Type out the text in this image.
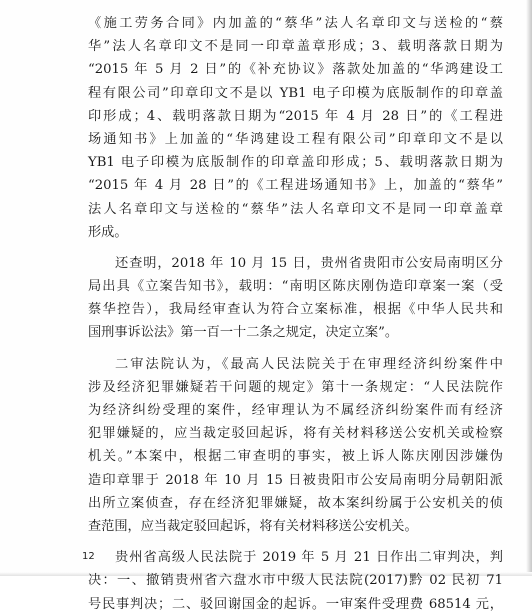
《施工劳务合同》内加盖的“蔡华”法人名章印文与送检的“蔡
华”法人名章印文不是同一印章盖章形成；3、载明落款日期为
“2015 年 5 月 2 日”的《补充协议》落款处加盖的“华鸿建设工
程有限公司”印章印文不是以 YB1 电子印模为底版制作的印章盖
印形成；4、载明落款日期为“2015 年 4 月 28 日”的《工程进
场通知书》上加盖的“华鸿建设工程有限公司”印章印文不是以
YB1 电子印模为底版制作的印章盖印形成；5、载明落款日期为
“2015 年 4 月 28 日”的《工程进场通知书》上，加盖的“蔡华”
法人名章印文与送检的“蔡华”法人名章印文不是同一印章盖章
形成。
还查明，2018 年 10 月 15 日，贵州省贵阳市公安局南明区分
局出具《立案告知书》，载明：“南明区陈庆刚伪造印章案一案（受
蔡华控告），我局经审查认为符合立案标准，根据《中华人民共和
国刑事诉讼法》第一百一十二条之规定，决定立案”。
二审法院认为，《最高人民法院关于在审理经济纠纷案件中
涉及经济犯罪嫌疑若干问题的规定》第十一条规定：“人民法院作
为经济纠纷受理的案件，经审理认为不属经济纠纷案件而有经济
犯罪嫌疑的，应当裁定驳回起诉，将有关材料移送公安机关或检察
机关。”本案中，根据二审查明的事实，被上诉人陈庆刚因涉嫌伪
造印章罪于 2018 年 10 月 15 日被贵阳市公安局南明分局朝阳派
出所立案侦查，存在经济犯罪嫌疑，故本案纠纷属于公安机关的侦
查范围，应当裁定驳回起诉，将有关材料移送公安机关。
贵州省高级人民法院于 2019 年 5 月 21 日作出二审判决，判
决：一、撤销贵州省六盘水市中级人民法院(2017)黔 02 民初 71
号民事判决；二、驳回谢国金的起诉。一审案件受理费 68514 元，
12
